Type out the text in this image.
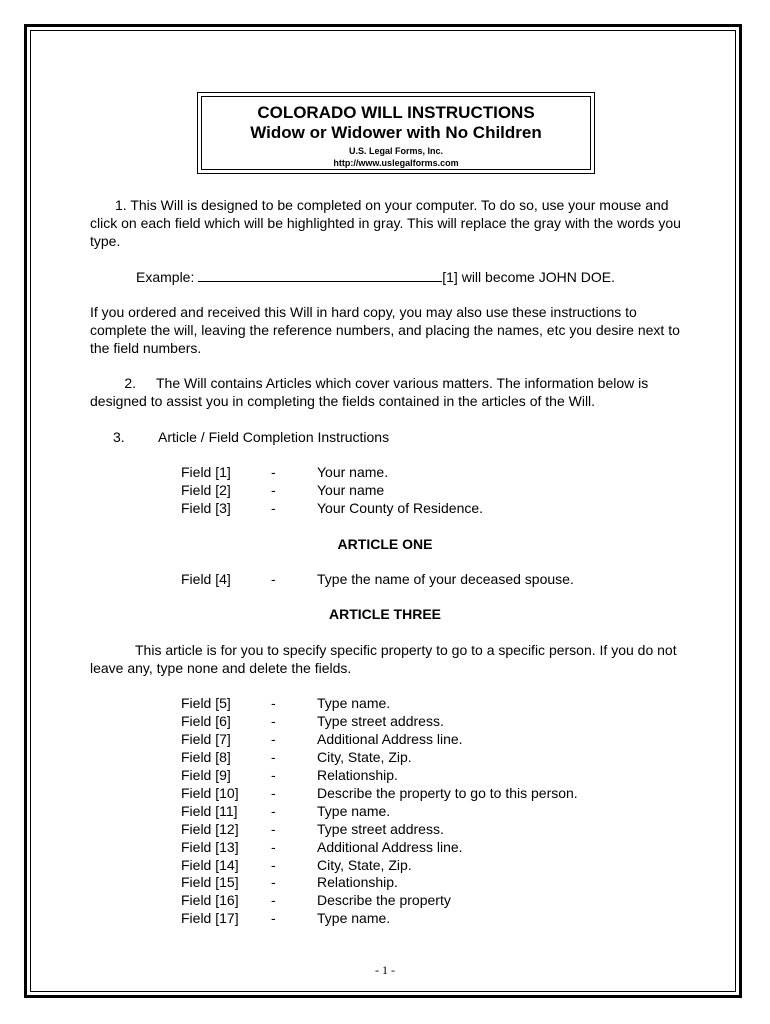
COLORADO WILL INSTRUCTIONS
Widow or Widower with No Children
U.S. Legal Forms, Inc.
http://www.uslegalforms.com
1. This Will is designed to be completed on your computer. To do so, use your mouse and click on each field which will be highlighted in gray. This will replace the gray with the words you type.
Example:	[1] will become JOHN DOE.
If you ordered and received this Will in hard copy, you may also use these instructions to complete the will, leaving the reference numbers, and placing the names, etc you desire next to the field numbers.
2. The Will contains Articles which cover various matters. The information below is designed to assist you in completing the fields contained in the articles of the Will.
3. Article / Field Completion Instructions
Field [1]	-	Your name.
Field [2]	-	Your name
Field [3]	-	Your County of Residence.
ARTICLE ONE
Field [4]	-	Type the name of your deceased spouse.
ARTICLE THREE
This article is for you to specify specific property to go to a specific person. If you do not leave any, type none and delete the fields.
Field [5]	-	Type name.
Field [6]	-	Type street address.
Field [7]	-	Additional Address line.
Field [8]	-	City, State, Zip.
Field [9]	-	Relationship.
Field [10] -	Describe the property to go to this person.
Field [11] -	Type name.
Field [12] -	Type street address.
Field [13] -	Additional Address line.
Field [14] -	City, State, Zip.
Field [15] -	Relationship.
Field [16] -	Describe the property
Field [17] -	Type name.
- 1 -
